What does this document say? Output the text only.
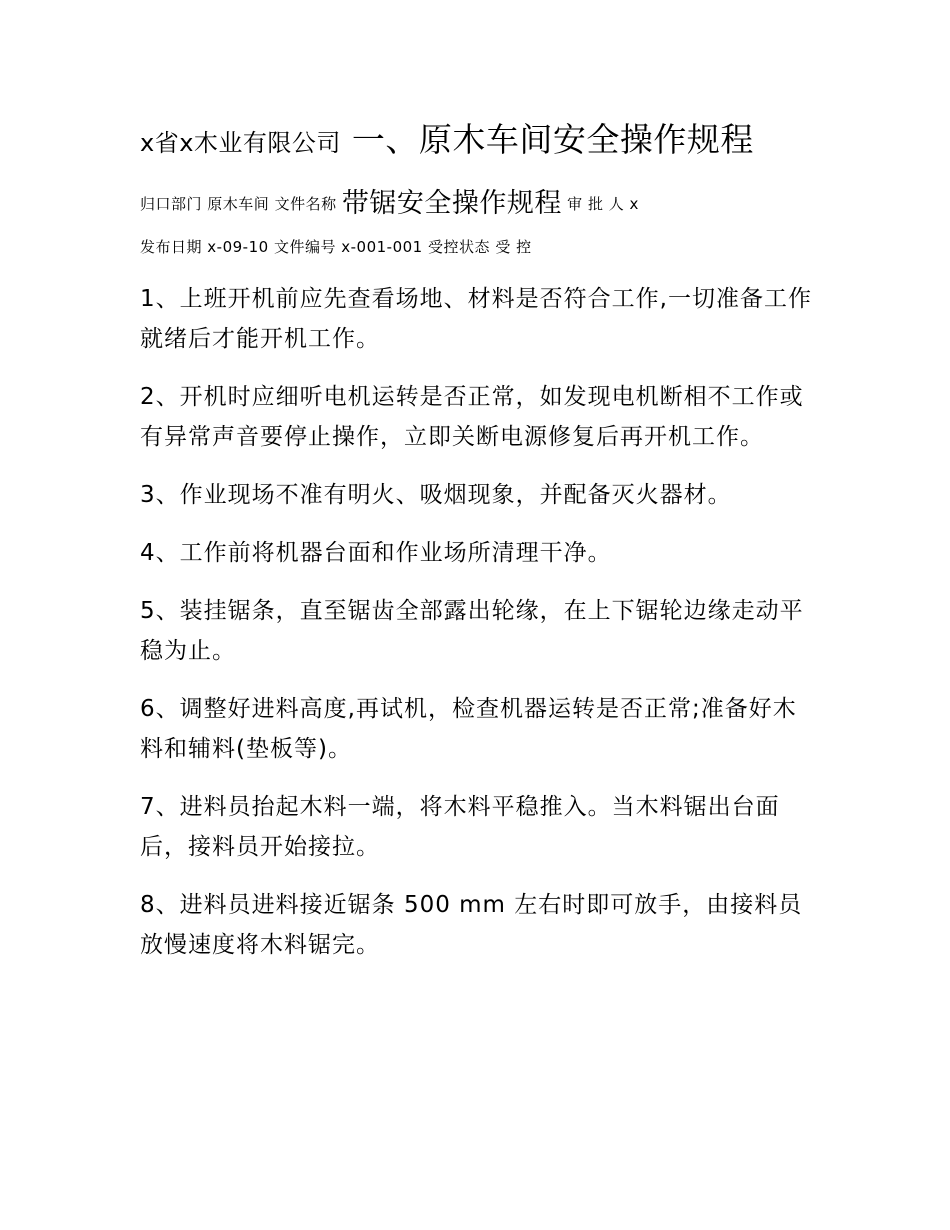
x省x木业有限公司 一、原木车间安全操作规程

归口部门 原木车间 文件名称 带锯安全操作规程 审 批 人 x

发布日期 x-09-10 文件编号 x-001-001 受控状态 受 控

1、上班开机前应先查看场地、材料是否符合工作,一切准备工作就绪后才能开机工作。

2、开机时应细听电机运转是否正常，如发现电机断相不工作或有异常声音要停止操作，立即关断电源修复后再开机工作。

3、作业现场不准有明火、吸烟现象，并配备灭火器材。

4、工作前将机器台面和作业场所清理干净。

5、装挂锯条，直至锯齿全部露出轮缘，在上下锯轮边缘走动平稳为止。

6、调整好进料高度,再试机，检查机器运转是否正常;准备好木料和辅料(垫板等)。

7、进料员抬起木料一端，将木料平稳推入。当木料锯出台面后，接料员开始接拉。

8、进料员进料接近锯条 500 mm 左右时即可放手，由接料员放慢速度将木料锯完。
